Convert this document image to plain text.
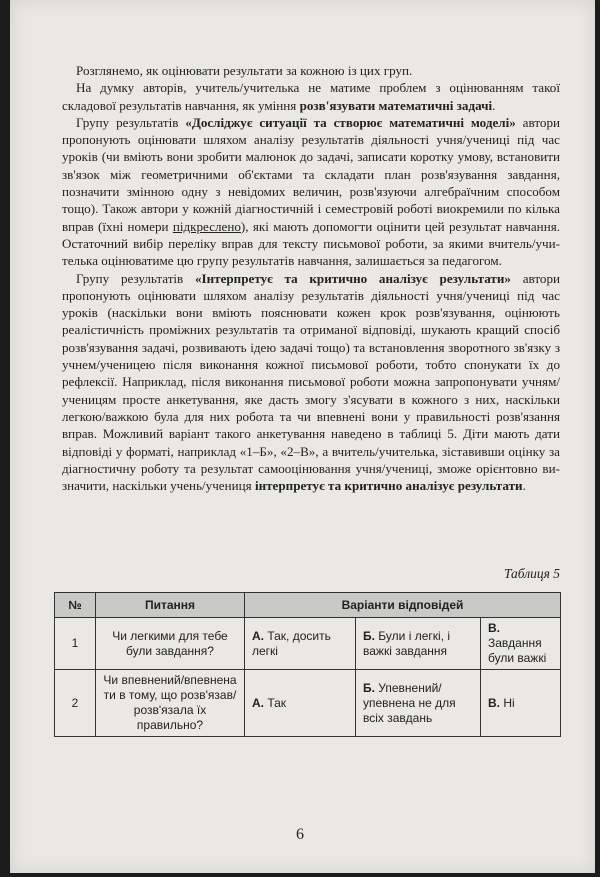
Розглянемо, як оцінювати результати за кожною із цих груп.

На думку авторів, учитель/учителька не матиме проблем з оцінюванням такої складової результатів навчання, як уміння розв'язувати математичні задачі.

Групу результатів «Досліджує ситуації та створює математичні моделі» автори пропонують оцінювати шляхом аналізу результатів діяльності учня/учениці під час уроків (чи вміють вони зробити малюнок до задачі, записати коротку умову, встановити зв'язок між геометричними об'єктами та складати план розв'язування завдання, позначити змінною одну з невідомих величин, розв'язуючи алгебраїчним способом тощо). Також автори у кожній діагностичній і семестровій роботі виокремили по кілька вправ (їхні номери підкреслено), які мають допомогти оцінити цей результат навчання. Остаточний вибір переліку вправ для тексту письмової роботи, за якими вчитель/учителька оцінюватиме цю групу результатів навчання, залишається за педагогом.

Групу результатів «Інтерпретує та критично аналізує результати» автори пропонують оцінювати шляхом аналізу результатів діяльності учня/учениці під час уроків (наскільки вони вміють пояснювати кожен крок розв'язування, оцінюють реалістичність проміжних результатів та отриманої відповіді, шукають кращий спосіб розв'язування задачі, розвивають ідею задачі тощо) та встановлення зворотного зв'язку з учнем/ученицею після виконання кожної письмової роботи, тобто спонукати їх до рефлексії. Наприклад, після виконання письмової роботи можна запропонувати учням/ученицям просте анкетування, яке дасть змогу з'ясувати в кожного з них, наскільки легкою/важкою була для них робота та чи впевнені вони у правильності розв'язання вправ. Можливий варіант такого анкетування наведено в таблиці 5. Діти мають дати відповіді у форматі, наприклад «1–Б», «2–В», а вчитель/учителька, зіставивши оцінку за діагностичну роботу та результат самооцінювання учня/учениці, зможе орієнтовно визначити, наскільки учень/учениця інтерпретує та критично аналізує результати.

Таблиця 5
№	Питання	Варіанти відповідей		
1	Чи легкими для тебе були завдання?	А. Так, досить легкі	Б. Були і легкі, і важкі завдання	В. Завдання були важкі
2	Чи впевнений/впевнена ти в тому, що розв'язав/розв'язала їх правильно?	А. Так	Б. Упевнений/ упевнена не для всіх завдань	В. Ні
6
